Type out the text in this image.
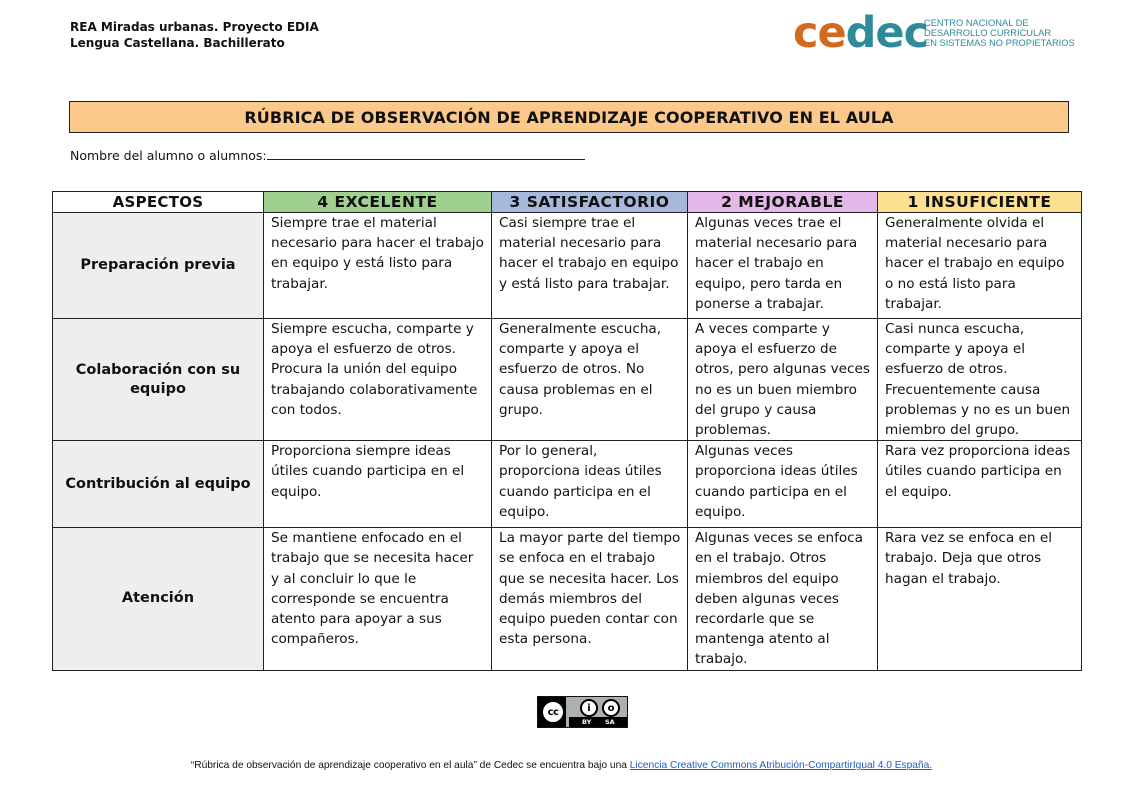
REA Miradas urbanas. Proyecto EDIA
Lengua Castellana. Bachillerato	cedec
CENTRO NACIONAL DE
DESARROLLO CURRICULAR
EN SISTEMAS NO PROPIETARIOS
RÚBRICA DE OBSERVACIÓN DE APRENDIZAJE COOPERATIVO EN EL AULA
Nombre del alumno o alumnos:
ASPECTOS	4 EXCELENTE	3 SATISFACTORIO	2 MEJORABLE	1 INSUFICIENTE
Preparación previa	Siempre trae el material necesario para hacer el trabajo en equipo y está listo para trabajar.	Casi siempre trae el material necesario para hacer el trabajo en equipo y está listo para trabajar.	Algunas veces trae el material necesario para hacer el trabajo en equipo, pero tarda en ponerse a trabajar.	Generalmente olvida el material necesario para hacer el trabajo en equipo o no está listo para trabajar.
Colaboración con su equipo	Siempre escucha, comparte y apoya el esfuerzo de otros. Procura la unión del equipo trabajando colaborativamente con todos.	Generalmente escucha, comparte y apoya el esfuerzo de otros. No causa problemas en el grupo.	A veces comparte y apoya el esfuerzo de otros, pero algunas veces no es un buen miembro del grupo y causa problemas.	Casi nunca escucha, comparte y apoya el esfuerzo de otros. Frecuentemente causa problemas y no es un buen miembro del grupo.
Contribución al equipo	Proporciona siempre ideas útiles cuando participa en el equipo.	Por lo general, proporciona ideas útiles cuando participa en el equipo.	Algunas veces proporciona ideas útiles cuando participa en el equipo.	Rara vez proporciona ideas útiles cuando participa en el equipo.
Atención	Se mantiene enfocado en el trabajo que se necesita hacer y al concluir lo que le corresponde se encuentra atento para apoyar a sus compañeros.	La mayor parte del tiempo se enfoca en el trabajo que se necesita hacer. Los demás miembros del equipo pueden contar con esta persona.	Algunas veces se enfoca en el trabajo. Otros miembros del equipo deben algunas veces recordarle que se mantenga atento al trabajo.	Rara vez se enfoca en el trabajo. Deja que otros hagan el trabajo.
cc	i	o
BY SA
“Rúbrica de observación de aprendizaje cooperativo en el aula” de Cedec se encuentra bajo una Licencia Creative Commons Atribución-CompartirIgual 4.0 España.
